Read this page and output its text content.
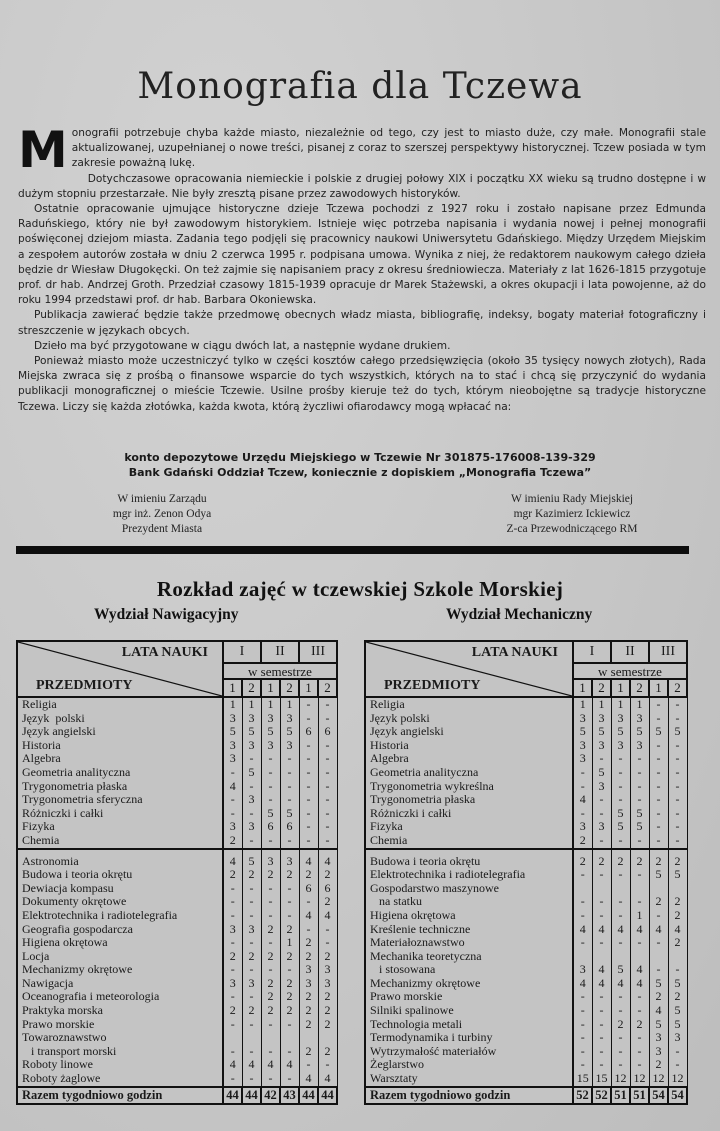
Monografia dla Tczewa

Monografii potrzebuje chyba każde miasto, niezależnie od tego, czy jest to miasto duże, czy małe. Monografii stale aktualizowanej, uzupełnianej o nowe treści, pisanej z coraz to szerszej perspektywy historycznej. Tczew posiada w tym zakresie poważną lukę.

Dotychczasowe opracowania niemieckie i polskie z drugiej połowy XIX i początku XX wieku są trudno dostępne i w dużym stopniu przestarzałe. Nie były zresztą pisane przez zawodowych historyków.

Ostatnie opracowanie ujmujące historyczne dzieje Tczewa pochodzi z 1927 roku i zostało napisane przez Edmunda Raduńskiego, który nie był zawodowym historykiem. Istnieje więc potrzeba napisania i wydania nowej i pełnej monografii poświęconej dziejom miasta. Zadania tego podjęli się pracownicy naukowi Uniwersytetu Gdańskiego. Między Urzędem Miejskim a zespołem autorów została w dniu 2 czerwca 1995 r. podpisana umowa. Wynika z niej, że redaktorem naukowym całego dzieła będzie dr Wiesław Długokęcki. On też zajmie się napisaniem pracy z okresu średniowiecza. Materiały z lat 1626-1815 przygotuje prof. dr hab. Andrzej Groth. Przedział czasowy 1815-1939 opracuje dr Marek Stażewski, a okres okupacji i lata powojenne, aż do roku 1994 przedstawi prof. dr hab. Barbara Okoniewska.

Publikacja zawierać będzie także przedmowę obecnych władz miasta, bibliografię, indeksy, bogaty materiał fotograficzny i streszczenie w językach obcych.

Dzieło ma być przygotowane w ciągu dwóch lat, a następnie wydane drukiem.

Ponieważ miasto może uczestniczyć tylko w części kosztów całego przedsięwzięcia (około 35 tysięcy nowych złotych), Rada Miejska zwraca się z prośbą o finansowe wsparcie do tych wszystkich, których na to stać i chcą się przyczynić do wydania publikacji monograficznej o mieście Tczewie. Usilne prośby kieruje też do tych, którym nieobojętne są tradycje historyczne Tczewa. Liczy się każda złotówka, każda kwota, którą życzliwi ofiarodawcy mogą wpłacać na:

konto depozytowe Urzędu Miejskiego w Tczewie Nr 301875-176008-139-329
Bank Gdański Oddział Tczew, koniecznie z dopiskiem „Monografia Tczewa”
W imieniu Zarządu
mgr inż. Zenon Odya
Prezydent Miasta
W imieniu Rady Miejskiej
mgr Kazimierz Ickiewicz
Z-ca Przewodniczącego RM
Rozkład zajęć w tczewskiej Szkole Morskiej
Wydział Nawigacyjny	Wydział Mechaniczny
LATA NAUKI
PRZEDMIOTY	I		II		III	
	w semestrze					
	1	2	1	2	1	2
Religia	1	1	1	1	-	-
Język  polski	3	3	3	3	-	-
Język angielski	5	5	5	5	6	6
Historia	3	3	3	3	-	-
Algebra	3	-	-	-	-	-
Geometria analityczna	-	5	-	-	-	-
Trygonometria płaska	4	-	-	-	-	-
Trygonometria sferyczna	-	3	-	-	-	-
Różniczki i całki	-	-	5	5	-	-
Fizyka	3	3	6	6	-	-
Chemia	2	-	-	-	-	-

Astronomia	4	5	3	3	4	4
Budowa i teoria okrętu	2	2	2	2	2	2
Dewiacja kompasu	-	-	-	-	6	6
Dokumenty okrętowe	-	-	-	-	-	2
Elektrotechnika i radiotelegrafia	-	-	-	-	4	4
Geografia gospodarcza	3	3	2	2	-	-
Higiena okrętowa	-	-	-	1	2	-
Locja	2	2	2	2	2	2
Mechanizmy okrętowe	-	-	-	-	3	3
Nawigacja	3	3	2	2	3	3
Oceanografia i meteorologia	-	-	2	2	2	2
Praktyka morska	2	2	2	2	2	2
Prawo morskie	-	-	-	-	2	2
Towaroznawstwo						
i transport morski	-	-	-	-	2	2
Roboty linowe	4	4	4	4	-	-
Roboty żaglowe	-	-	-	-	4	4
Razem tygodniowo godzin	44	44	42	43	44	44
LATA NAUKI
PRZEDMIOTY	I		II		III	
	w semestrze					
	1	2	1	2	1	2
Religia	1	1	1	1	-	-
Język polski	3	3	3	3	-	-
Język angielski	5	5	5	5	5	5
Historia	3	3	3	3	-	-
Algebra	3	-	-	-	-	-
Geometria analityczna	-	5	-	-	-	-
Trygonometria wykreślna	-	3	-	-	-	-
Trygonometria płaska	4	-	-	-	-	-
Różniczki i całki	-	-	5	5	-	-
Fizyka	3	3	5	5	-	-
Chemia	2	-	-	-	-	-

Budowa i teoria okrętu	2	2	2	2	2	2
Elektrotechnika i radiotelegrafia	-	-	-	-	5	5
Gospodarstwo maszynowe						
na statku	-	-	-	-	2	2
Higiena okrętowa	-	-	-	1	-	2
Kreślenie techniczne	4	4	4	4	4	4
Materiałoznawstwo	-	-	-	-	-	2
Mechanika teoretyczna						
i stosowana	3	4	5	4	-	-
Mechanizmy okrętowe	4	4	4	4	5	5
Prawo morskie	-	-	-	-	2	2
Silniki spalinowe	-	-	-	-	4	5
Technologia metali	-	-	2	2	5	5
Termodynamika i turbiny	-	-	-	-	3	3
Wytrzymałość materiałów	-	-	-	-	3	-
Żeglarstwo	-	-	-	-	2	-
Warsztaty	15	15	12	12	12	12
Razem tygodniowo godzin	52	52	51	51	54	54
